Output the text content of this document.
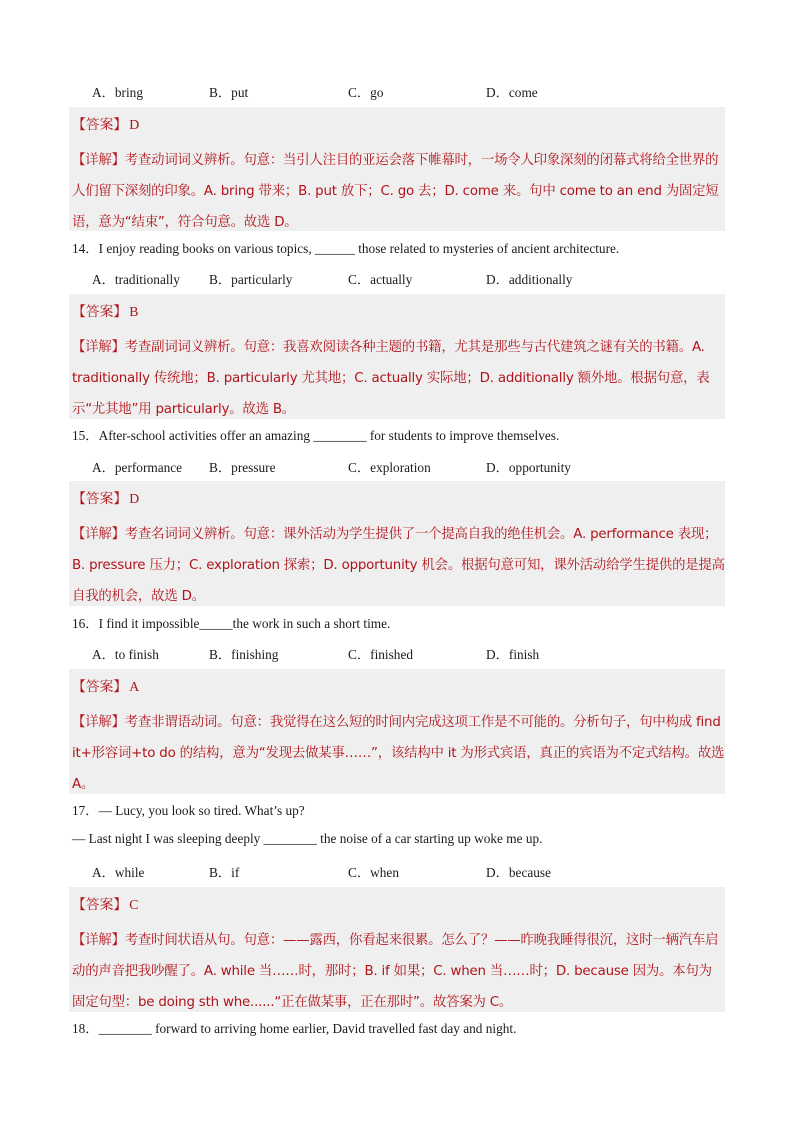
A．bring	B．put	C．go	D．come
【答案】 D
【详解】考查动词词义辨析。句意：当引人注目的亚运会落下帷幕时，一场令人印象深刻的闭幕式将给全世界的人们留下深刻的印象。A. bring 带来；B. put 放下；C. go 去；D. come 来。句中 come to an end 为固定短语，意为“结束”，符合句意。故选 D。
14．I enjoy reading books on various topics, ______ those related to mysteries of ancient architecture.
A．traditionally B．particularly	C．actually	D．additionally
【答案】 B
【详解】考查副词词义辨析。句意：我喜欢阅读各种主题的书籍，尤其是那些与古代建筑之谜有关的书籍。A. traditionally 传统地；B. particularly 尤其地；C. actually 实际地；D. additionally 额外地。根据句意，表示“尤其地”用 particularly。故选 B。
15．After-school activities offer an amazing ________ for students to improve themselves.
A．performance B．pressure	C．exploration	D．opportunity
【答案】 D
【详解】考查名词词义辨析。句意：课外活动为学生提供了一个提高自我的绝佳机会。A. performance 表现；B. pressure 压力；C. exploration 探索；D. opportunity 机会。根据句意可知，课外活动给学生提供的是提高自我的机会，故选 D。
16．I find it impossible_____the work in such a short time.
A．to finish	B．finishing	C．finished	D．finish
【答案】 A
【详解】考查非谓语动词。句意：我觉得在这么短的时间内完成这项工作是不可能的。分析句子，句中构成 find it+形容词+to do 的结构，意为“发现去做某事……”，该结构中 it 为形式宾语，真正的宾语为不定式结构。故选 A。
17．— Lucy, you look so tired. What’s up?
— Last night I was sleeping deeply ________ the noise of a car starting up woke me up.
A．while	B．if	C．when	D．because
【答案】 C
【详解】考查时间状语从句。句意：——露西，你看起来很累。怎么了？——昨晚我睡得很沉，这时一辆汽车启动的声音把我吵醒了。A. while 当……时，那时；B. if 如果；C. when 当……时；D. because 因为。本句为固定句型：be doing sth whe......“正在做某事，正在那时”。故答案为 C。
18．________ forward to arriving home earlier, David travelled fast day and night.
